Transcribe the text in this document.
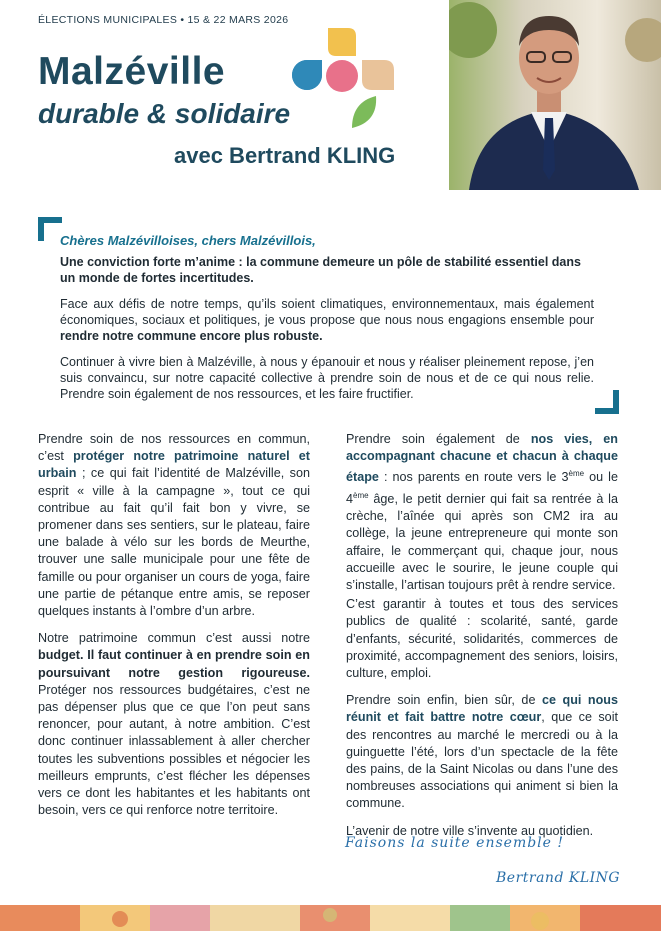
ÉLECTIONS MUNICIPALES • 15 & 22 MARS 2026
Malzéville
durable & solidaire
avec Bertrand KLING
Chères Malzévilloises, chers Malzévillois,
Une conviction forte m’anime : la commune demeure un pôle de stabilité essentiel dans un monde de fortes incertitudes.
Face aux défis de notre temps, qu’ils soient climatiques, environnementaux, mais également économiques, sociaux et politiques, je vous propose que nous nous engagions ensemble pour rendre notre commune encore plus robuste.
Continuer à vivre bien à Malzéville, à nous y épanouir et nous y réaliser pleinement repose, j’en suis convaincu, sur notre capacité collective à prendre soin de nous et de ce qui nous relie. Prendre soin également de nos ressources, et les faire fructifier.

Prendre soin de nos ressources en commun, c’est protéger notre patrimoine naturel et urbain ; ce qui fait l’identité de Malzéville, son esprit « ville à la campagne », tout ce qui contribue au fait qu’il fait bon y vivre, se promener dans ses sentiers, sur le plateau, faire une balade à vélo sur les bords de Meurthe, trouver une salle municipale pour une fête de famille ou pour organiser un cours de yoga, faire une partie de pétanque entre amis, se reposer quelques instants à l’ombre d’un arbre.

Notre patrimoine commun c’est aussi notre budget. Il faut continuer à en prendre soin en poursuivant notre gestion rigoureuse. Protéger nos ressources budgétaires, c’est ne pas dépenser plus que ce que l’on peut sans renoncer, pour autant, à notre ambition. C’est donc continuer inlassablement à aller chercher toutes les subventions possibles et négocier les meilleurs emprunts, c’est flécher les dépenses vers ce dont les habitantes et les habitants ont besoin, vers ce qui renforce notre territoire.

Prendre soin également de nos vies, en accompagnant chacune et chacun à chaque étape : nos parents en route vers le 3ème ou le 4ème âge, le petit dernier qui fait sa rentrée à la crèche, l’aînée qui après son CM2 ira au collège, la jeune entrepreneure qui monte son affaire, le commerçant qui, chaque jour, nous accueille avec le sourire, le jeune couple qui s’installe, l’artisan toujours prêt à rendre service.

C’est garantir à toutes et tous des services publics de qualité : scolarité, santé, garde d’enfants, sécurité, solidarités, commerces de proximité, accompagnement des seniors, loisirs, culture, emploi.

Prendre soin enfin, bien sûr, de ce qui nous réunit et fait battre notre cœur, que ce soit des rencontres au marché le mercredi ou à la guinguette l’été, lors d’un spectacle de la fête des pains, de la Saint Nicolas ou dans l’une des nombreuses associations qui animent si bien la commune.

L’avenir de notre ville s’invente au quotidien.

Faisons la suite ensemble !
Bertrand KLING
